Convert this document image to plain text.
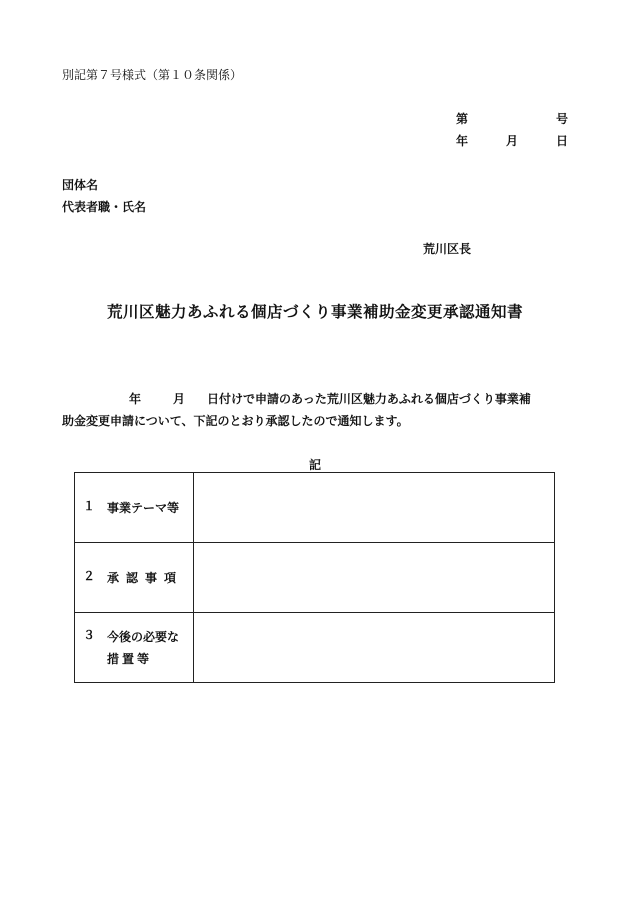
別記第７号様式（第１０条関係）
第	号
年	月	日
団体名
代表者職・氏名
荒川区長
荒川区魅力あふれる個店づくり事業補助金変更承認通知書
年	月 日付けで申請のあった荒川区魅力あふれる個店づくり事業補
助金変更申請について、下記のとおり承認したので通知します。
記
１ 事業テーマ等	

２ 承認事項	

３ 今後の必要な
措置等	
